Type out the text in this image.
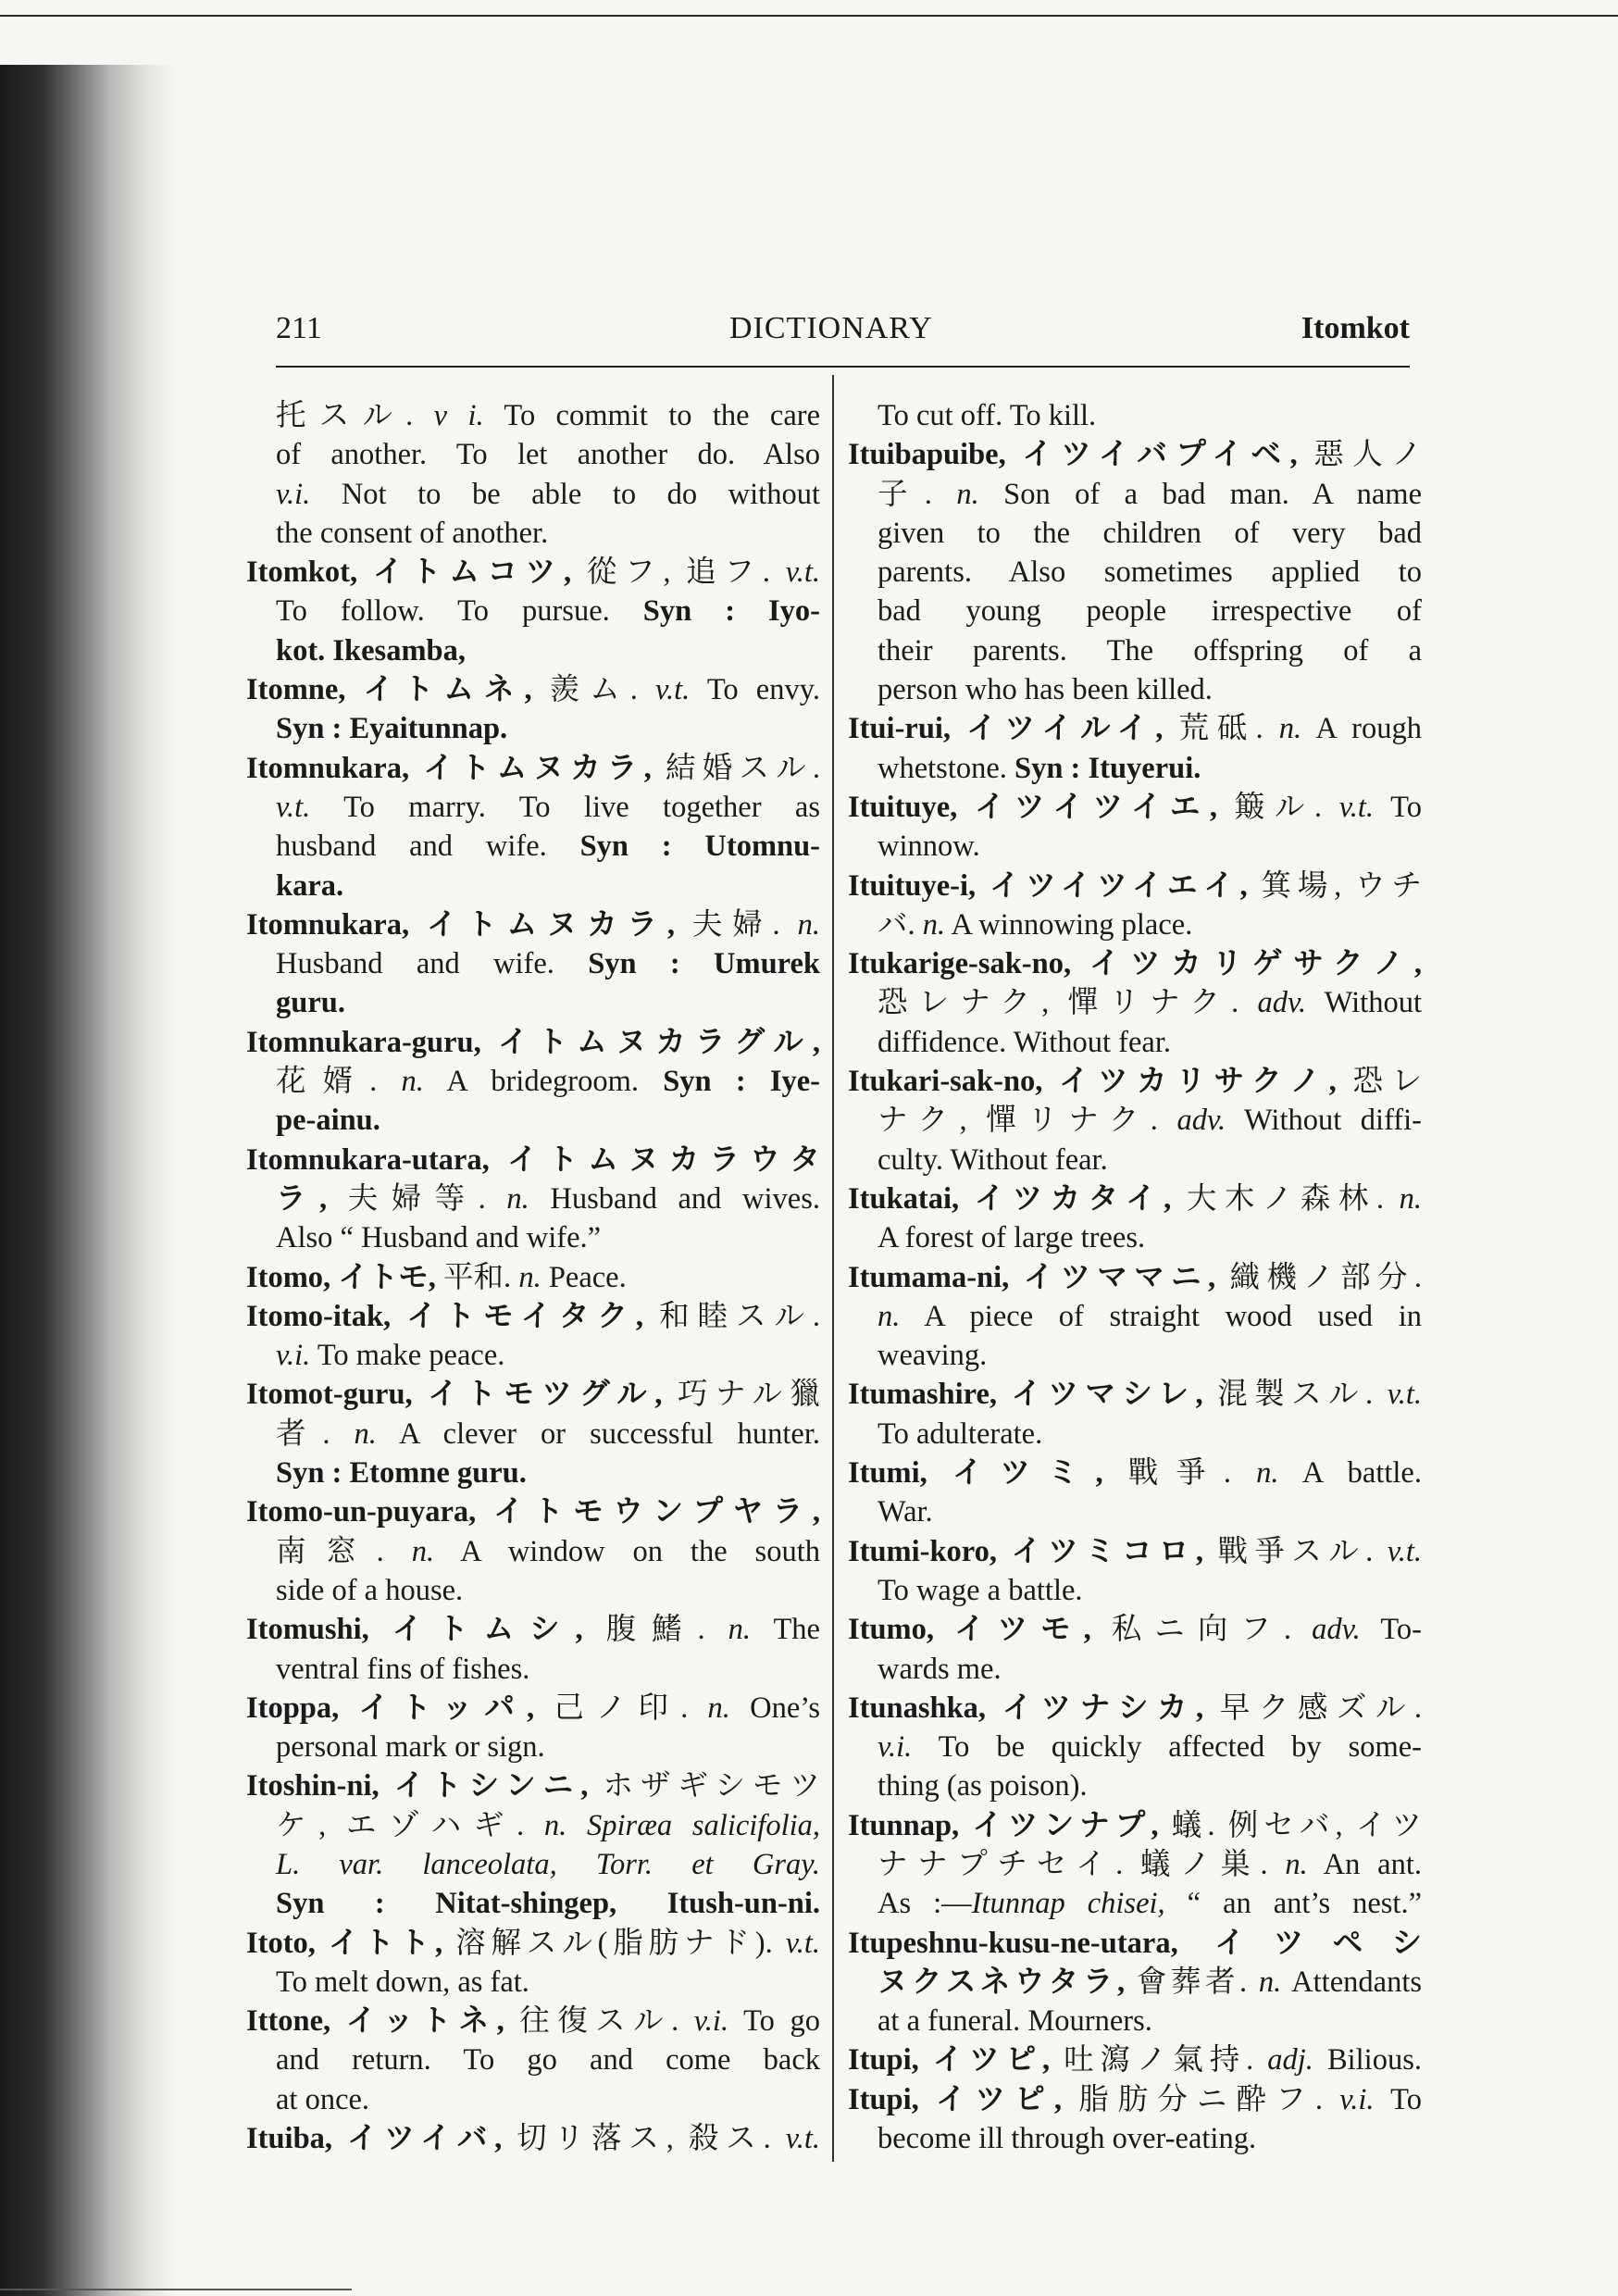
211	DICTIONARY	Itomkot
托スル. v i. To commit to the care
of another. To let another do. Also
v.i. Not to be able to do without
the consent of another.
Itomkot, イトムコツ, 從フ, 追フ. v.t.
To follow. To pursue. Syn : Iyo-
kot. Ikesamba,
Itomne, イトムネ, 羨ム. v.t. To envy.
Syn : Eyaitunnap.
Itomnukara, イトムヌカラ, 結婚スル.
v.t. To marry. To live together as
husband and wife. Syn : Utomnu-
kara.
Itomnukara, イトムヌカラ, 夫婦. n.
Husband and wife. Syn : Umurek
guru.
Itomnukara-guru, イトムヌカラグル,
花婿. n. A bridegroom. Syn : Iye-
pe-ainu.
Itomnukara-utara, イトムヌカラウタ
ラ, 夫婦等. n. Husband and wives.
Also “ Husband and wife.”
Itomo, イトモ, 平和. n. Peace.
Itomo-itak, イトモイタク, 和睦スル.
v.i. To make peace.
Itomot-guru, イトモツグル, 巧ナル獵
者. n. A clever or successful hunter.
Syn : Etomne guru.
Itomo-un-puyara, イトモウンプヤラ,
南窓. n. A window on the south
side of a house.
Itomushi, イトムシ, 腹鰭. n. The
ventral fins of fishes.
Itoppa, イトッパ, 己ノ印. n. One’s
personal mark or sign.
Itoshin-ni, イトシンニ, ホザギシモツ
ケ, エゾハギ. n. Spiræa salicifolia,
L. var. lanceolata, Torr. et Gray.
Syn : Nitat-shingep, Itush-un-ni.
Itoto, イトト, 溶解スル(脂肪ナド). v.t.
To melt down, as fat.
Ittone, イットネ, 往復スル. v.i. To go
and return. To go and come back
at once.
Ituiba, イツイバ, 切リ落ス, 殺ス. v.t.
To cut off. To kill.
Ituibapuibe, イツイバプイベ, 惡人ノ
子. n. Son of a bad man. A name
given to the children of very bad
parents. Also sometimes applied to
bad young people irrespective of
their parents. The offspring of a
person who has been killed.
Itui-rui, イツイルイ, 荒砥. n. A rough
whetstone. Syn : Ituyerui.
Ituituye, イツイツイエ, 簸ル. v.t. To
winnow.
Ituituye-i, イツイツイエイ, 箕場, ウチ
バ. n. A winnowing place.
Itukarige-sak-no, イツカリゲサクノ,
恐レナク, 憚リナク. adv. Without
diffidence. Without fear.
Itukari-sak-no, イツカリサクノ, 恐レ
ナク, 憚リナク. adv. Without diffi-
culty. Without fear.
Itukatai, イツカタイ, 大木ノ森林. n.
A forest of large trees.
Itumama-ni, イツママニ, 織機ノ部分.
n. A piece of straight wood used in
weaving.
Itumashire, イツマシレ, 混製スル. v.t.
To adulterate.
Itumi, イツミ, 戰爭. n. A battle.
War.
Itumi-koro, イツミコロ, 戰爭スル. v.t.
To wage a battle.
Itumo, イツモ, 私ニ向フ. adv. To-
wards me.
Itunashka, イツナシカ, 早ク感ズル.
v.i. To be quickly affected by some-
thing (as poison).
Itunnap, イツンナプ, 蟻. 例セバ, イツ
ナナプチセイ. 蟻ノ巣. n. An ant.
As :—Itunnap chisei, “ an ant’s nest.”
Itupeshnu-kusu-ne-utara, イツペシ
ヌクスネウタラ, 會葬者. n. Attendants
at a funeral. Mourners.
Itupi, イツピ, 吐瀉ノ氣持. adj. Bilious.
Itupi, イツピ, 脂肪分ニ酔フ. v.i. To
become ill through over-eating.
